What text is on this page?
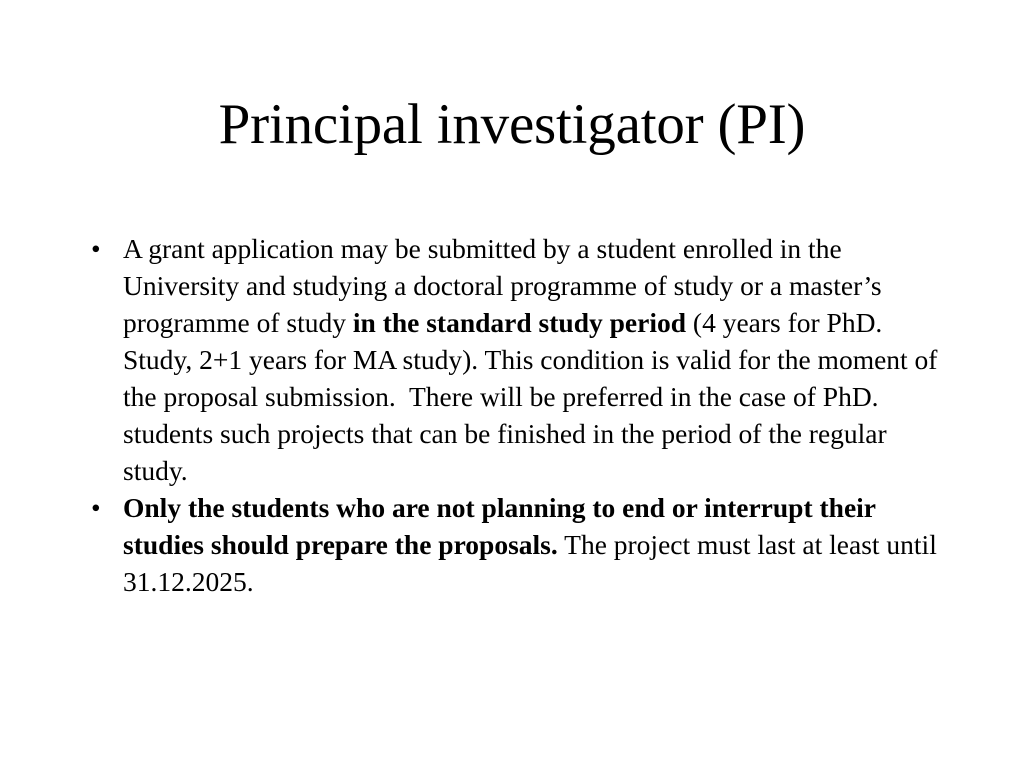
Principal investigator (PI)
• A grant application may be submitted by a student enrolled in the University and studying a doctoral programme of study or a master’s programme of study in the standard study period (4 years for PhD. Study, 2+1 years for MA study). This condition is valid for the moment of the proposal submission.  There will be preferred in the case of PhD. students such projects that can be finished in the period of the regular study.
• Only the students who are not planning to end or interrupt their studies should prepare the proposals. The project must last at least until 31.12.2025.
